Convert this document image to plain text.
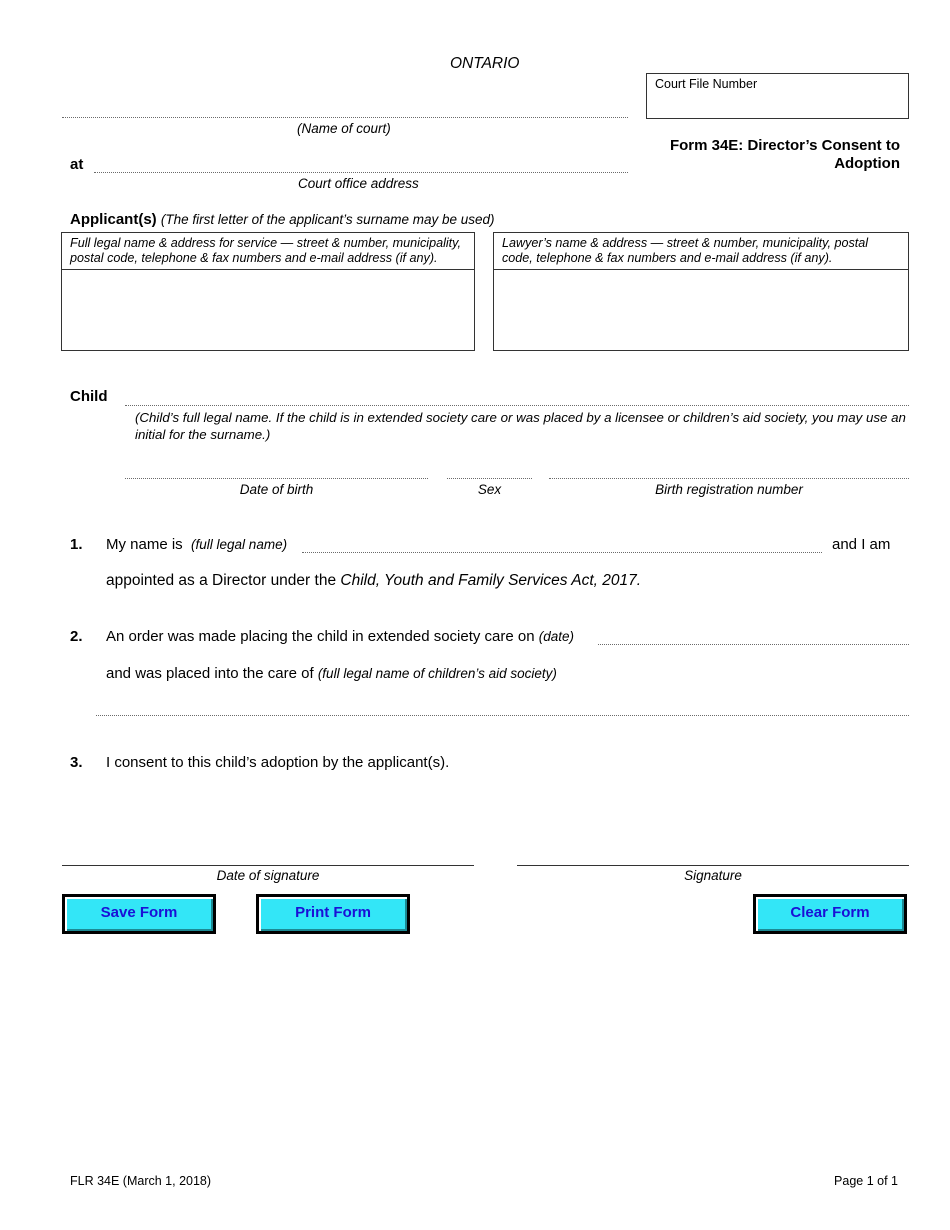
ONTARIO
Court File Number
(Name of court)
Form 34E: Director’s Consent to
Adoption
at
Court office address
Applicant(s) (The first letter of the applicant’s surname may be used)
Full legal name & address for service — street & number, municipality, postal code, telephone & fax numbers and e-mail address (if any).
Lawyer’s name & address — street & number, municipality, postal code, telephone & fax numbers and e-mail address (if any).
Child
(Child’s full legal name. If the child is in extended society care or was placed by a licensee or children’s aid society, you may use an initial for the surname.)
Date of birth	Sex	Birth registration number
1. My name is (full legal name)	and I am
appointed as a Director under the Child, Youth and Family Services Act, 2017.
2. An order was made placing the child in extended society care on (date)
and was placed into the care of (full legal name of children’s aid society)
3. I consent to this child’s adoption by the applicant(s).
Date of signature	Signature
Save Form	Print Form	Clear Form
FLR 34E (March 1, 2018)	Page 1 of 1
